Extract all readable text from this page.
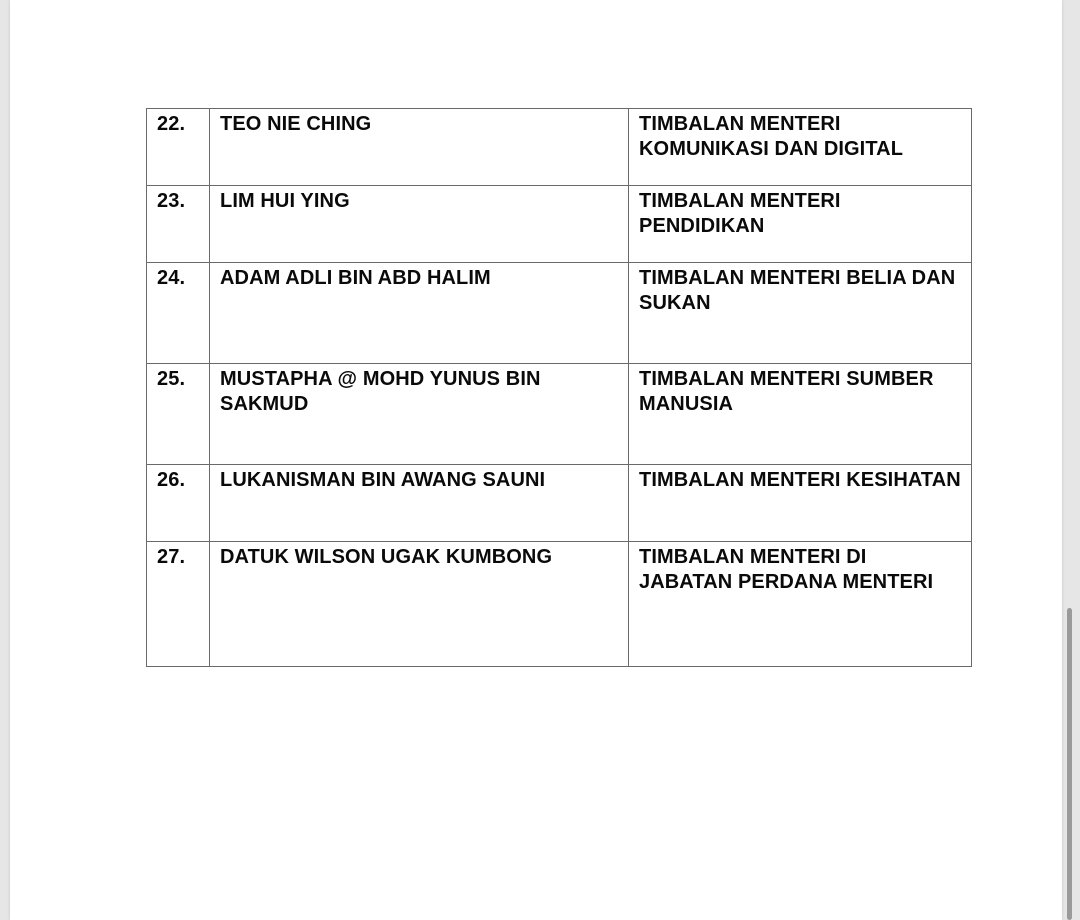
22.	TEO NIE CHING	TIMBALAN MENTERI KOMUNIKASI DAN DIGITAL
23.	LIM HUI YING	TIMBALAN MENTERI PENDIDIKAN
24.	ADAM ADLI BIN ABD HALIM	TIMBALAN MENTERI BELIA DAN SUKAN
25.	MUSTAPHA @ MOHD YUNUS BIN SAKMUD	TIMBALAN MENTERI SUMBER MANUSIA
26.	LUKANISMAN BIN AWANG SAUNI	TIMBALAN MENTERI KESIHATAN
27.	DATUK WILSON UGAK KUMBONG	TIMBALAN MENTERI DI JABATAN PERDANA MENTERI
